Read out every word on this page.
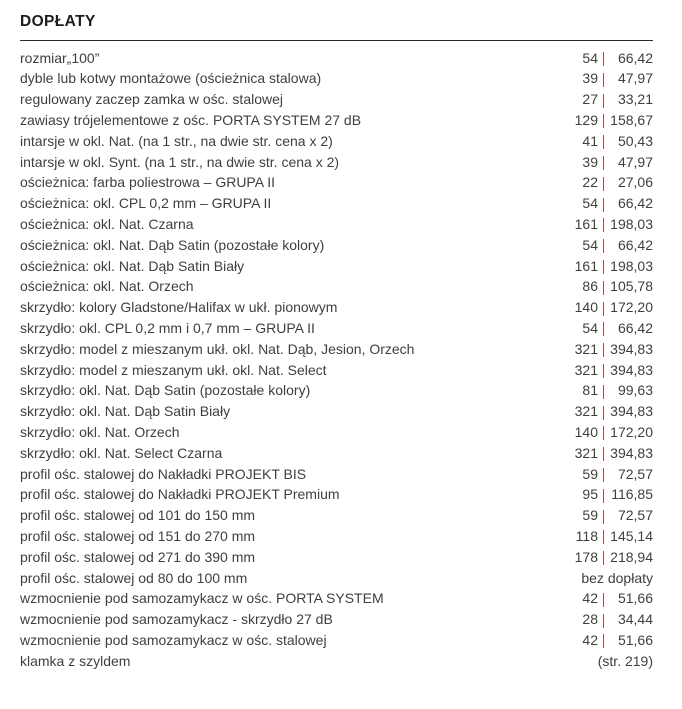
DOPŁATY
rozmiar„100”	54	66,42
dyble lub kotwy montażowe (ościeżnica stalowa)	39	47,97
regulowany zaczep zamka w ośc. stalowej	27	33,21
zawiasy trójelementowe z ośc. PORTA SYSTEM 27 dB	129 158,67
intarsje w okl. Nat. (na 1 str., na dwie str. cena x 2)	41	50,43
intarsje w okl. Synt. (na 1 str., na dwie str. cena x 2)	39	47,97
ościeżnica: farba poliestrowa – GRUPA II	22	27,06
ościeżnica: okl. CPL 0,2 mm – GRUPA II	54	66,42
ościeżnica: okl. Nat. Czarna	161 198,03
ościeżnica: okl. Nat. Dąb Satin (pozostałe kolory)	54	66,42
ościeżnica: okl. Nat. Dąb Satin Biały	161 198,03
ościeżnica: okl. Nat. Orzech	86 105,78
skrzydło: kolory Gladstone/Halifax w ukł. pionowym	140 172,20
skrzydło: okl. CPL 0,2 mm i 0,7 mm – GRUPA II	54	66,42
skrzydło: model z mieszanym ukł. okl. Nat. Dąb, Jesion, Orzech	321 394,83
skrzydło: model z mieszanym ukł. okl. Nat. Select	321 394,83
skrzydło: okl. Nat. Dąb Satin (pozostałe kolory)	81	99,63
skrzydło: okl. Nat. Dąb Satin Biały	321 394,83
skrzydło: okl. Nat. Orzech	140 172,20
skrzydło: okl. Nat. Select Czarna	321 394,83
profil ośc. stalowej do Nakładki PROJEKT BIS	59	72,57
profil ośc. stalowej do Nakładki PROJEKT Premium	95 116,85
profil ośc. stalowej od 101 do 150 mm	59	72,57
profil ośc. stalowej od 151 do 270 mm	118 145,14
profil ośc. stalowej od 271 do 390 mm	178 218,94
profil ośc. stalowej od 80 do 100 mm	bez dopłaty
wzmocnienie pod samozamykacz w ośc. PORTA SYSTEM	42	51,66
wzmocnienie pod samozamykacz - skrzydło 27 dB	28	34,44
wzmocnienie pod samozamykacz w ośc. stalowej	42	51,66
klamka z szyldem	(str. 219)
